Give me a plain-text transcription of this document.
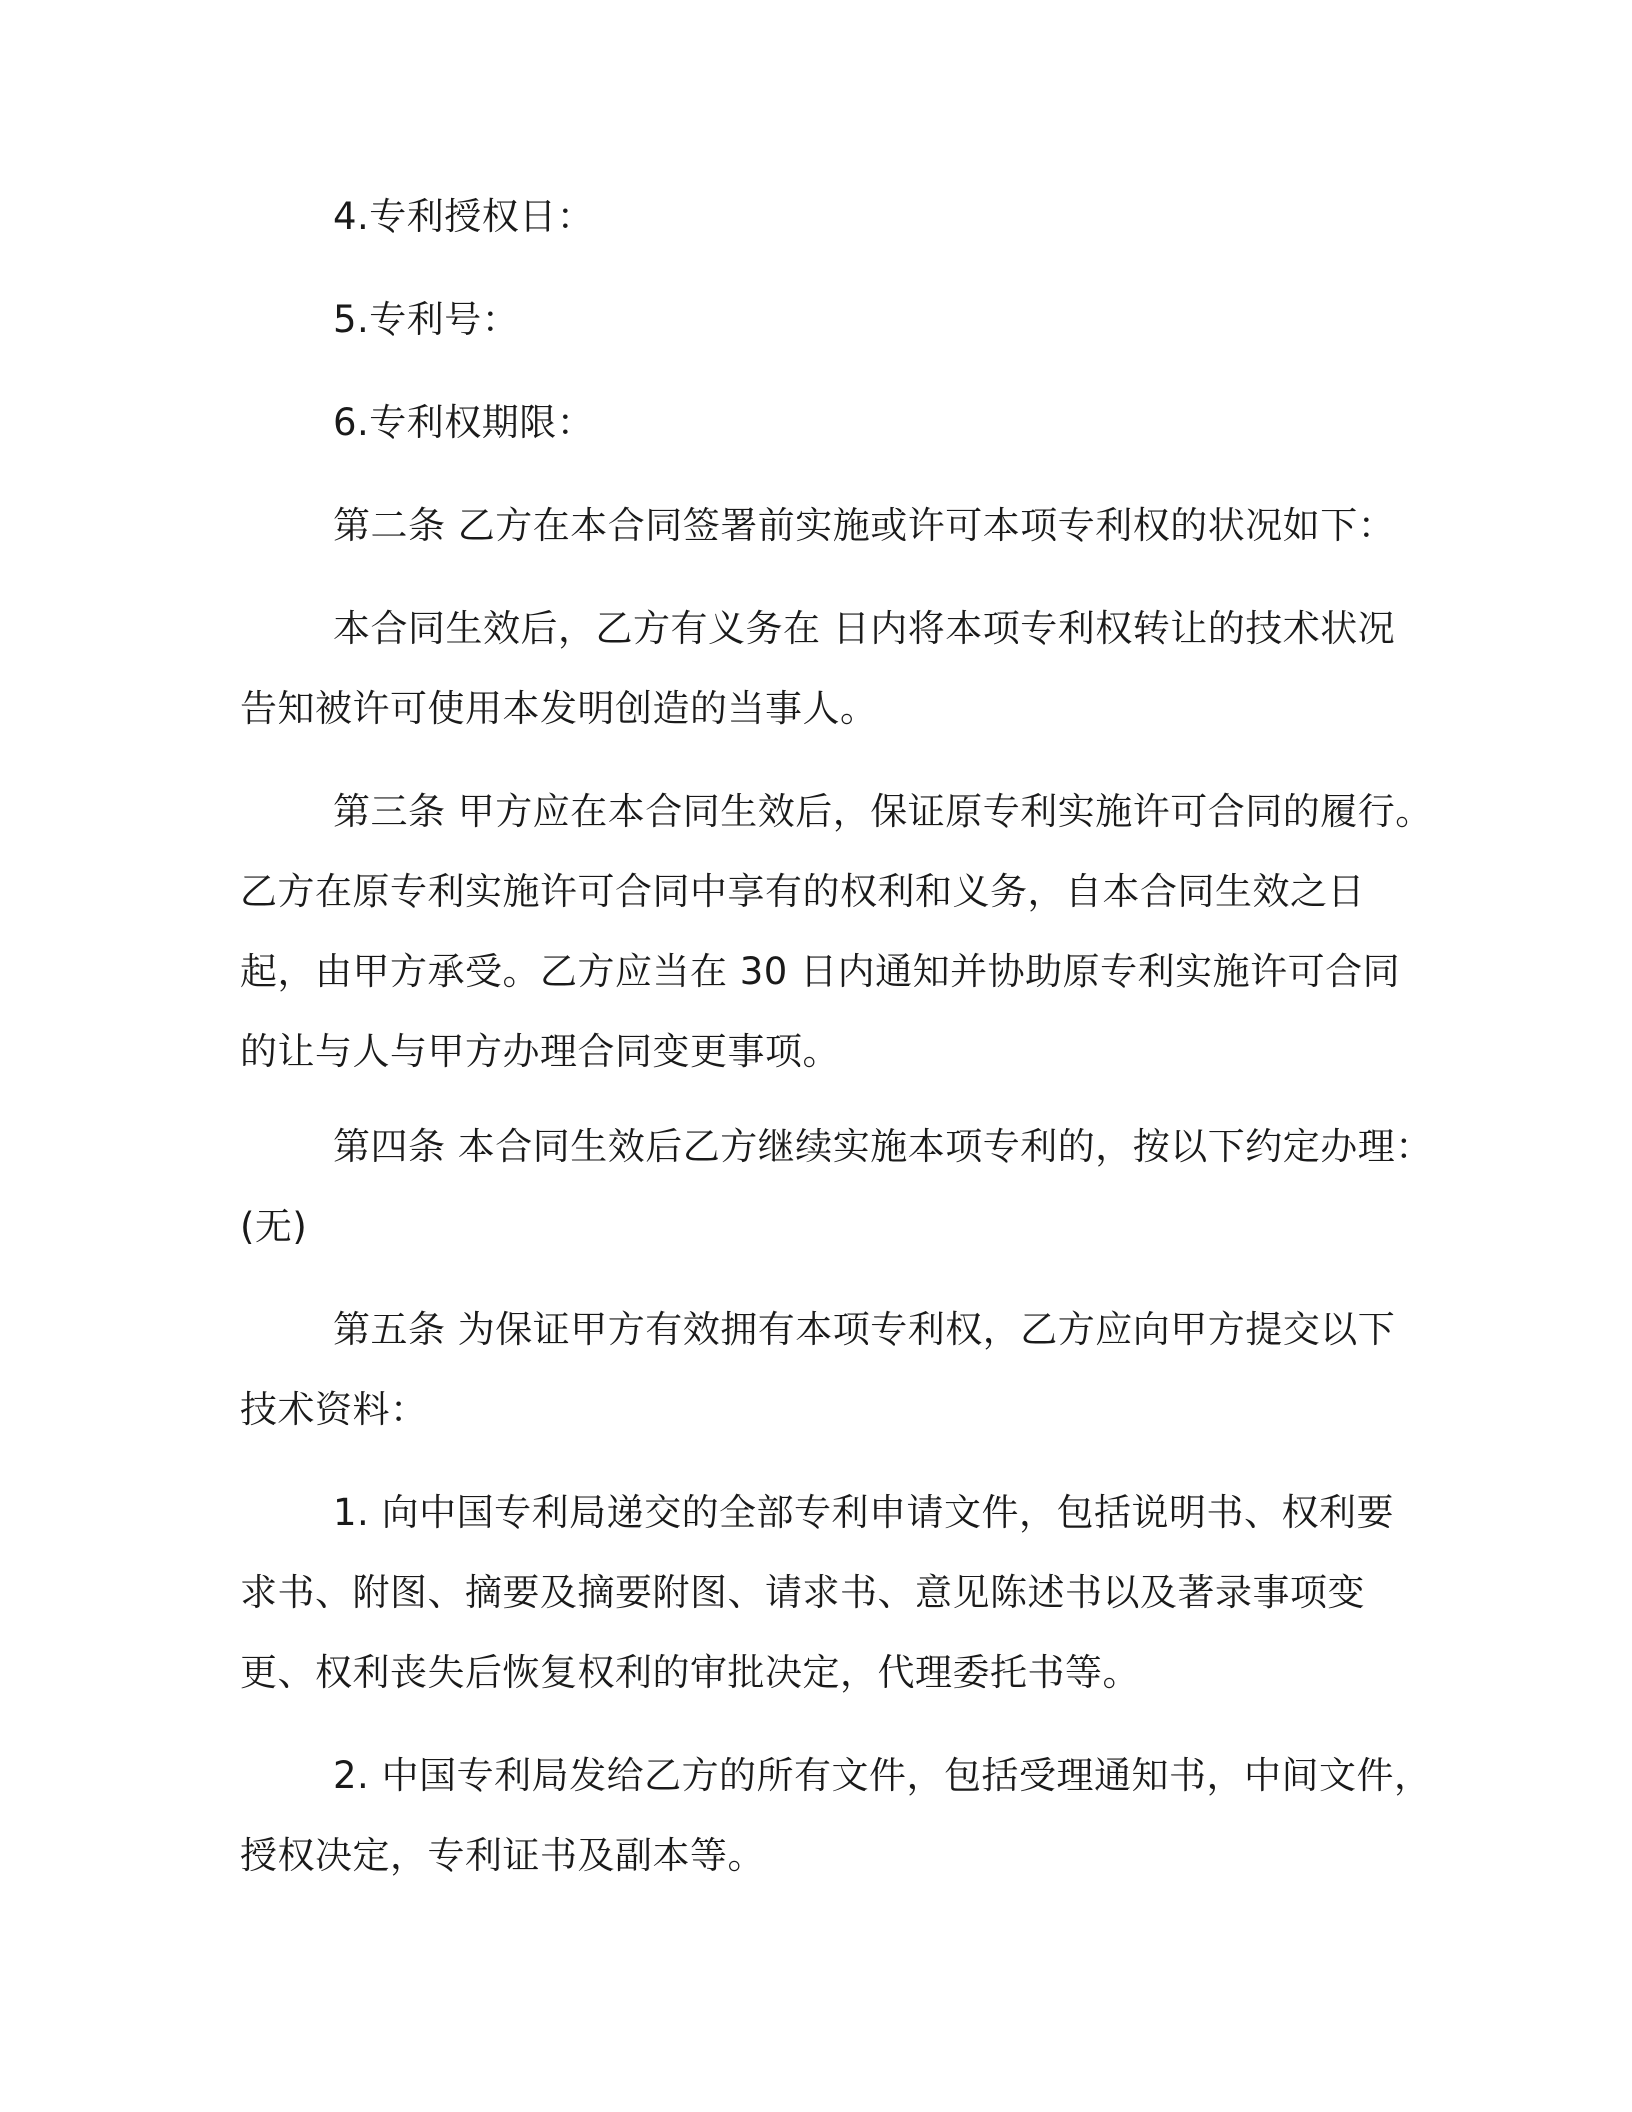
4.专利授权日：
5.专利号：
6.专利权期限：
第二条 乙方在本合同签署前实施或许可本项专利权的状况如下：
本合同生效后，乙方有义务在 日内将本项专利权转让的技术状况
告知被许可使用本发明创造的当事人。
第三条 甲方应在本合同生效后，保证原专利实施许可合同的履行。
乙方在原专利实施许可合同中享有的权利和义务，自本合同生效之日
起，由甲方承受。乙方应当在 30 日内通知并协助原专利实施许可合同
的让与人与甲方办理合同变更事项。
第四条 本合同生效后乙方继续实施本项专利的，按以下约定办理：
(无)
第五条 为保证甲方有效拥有本项专利权，乙方应向甲方提交以下
技术资料：
1. 向中国专利局递交的全部专利申请文件，包括说明书、权利要
求书、附图、摘要及摘要附图、请求书、意见陈述书以及著录事项变
更、权利丧失后恢复权利的审批决定，代理委托书等。
2. 中国专利局发给乙方的所有文件，包括受理通知书，中间文件，
授权决定，专利证书及副本等。
